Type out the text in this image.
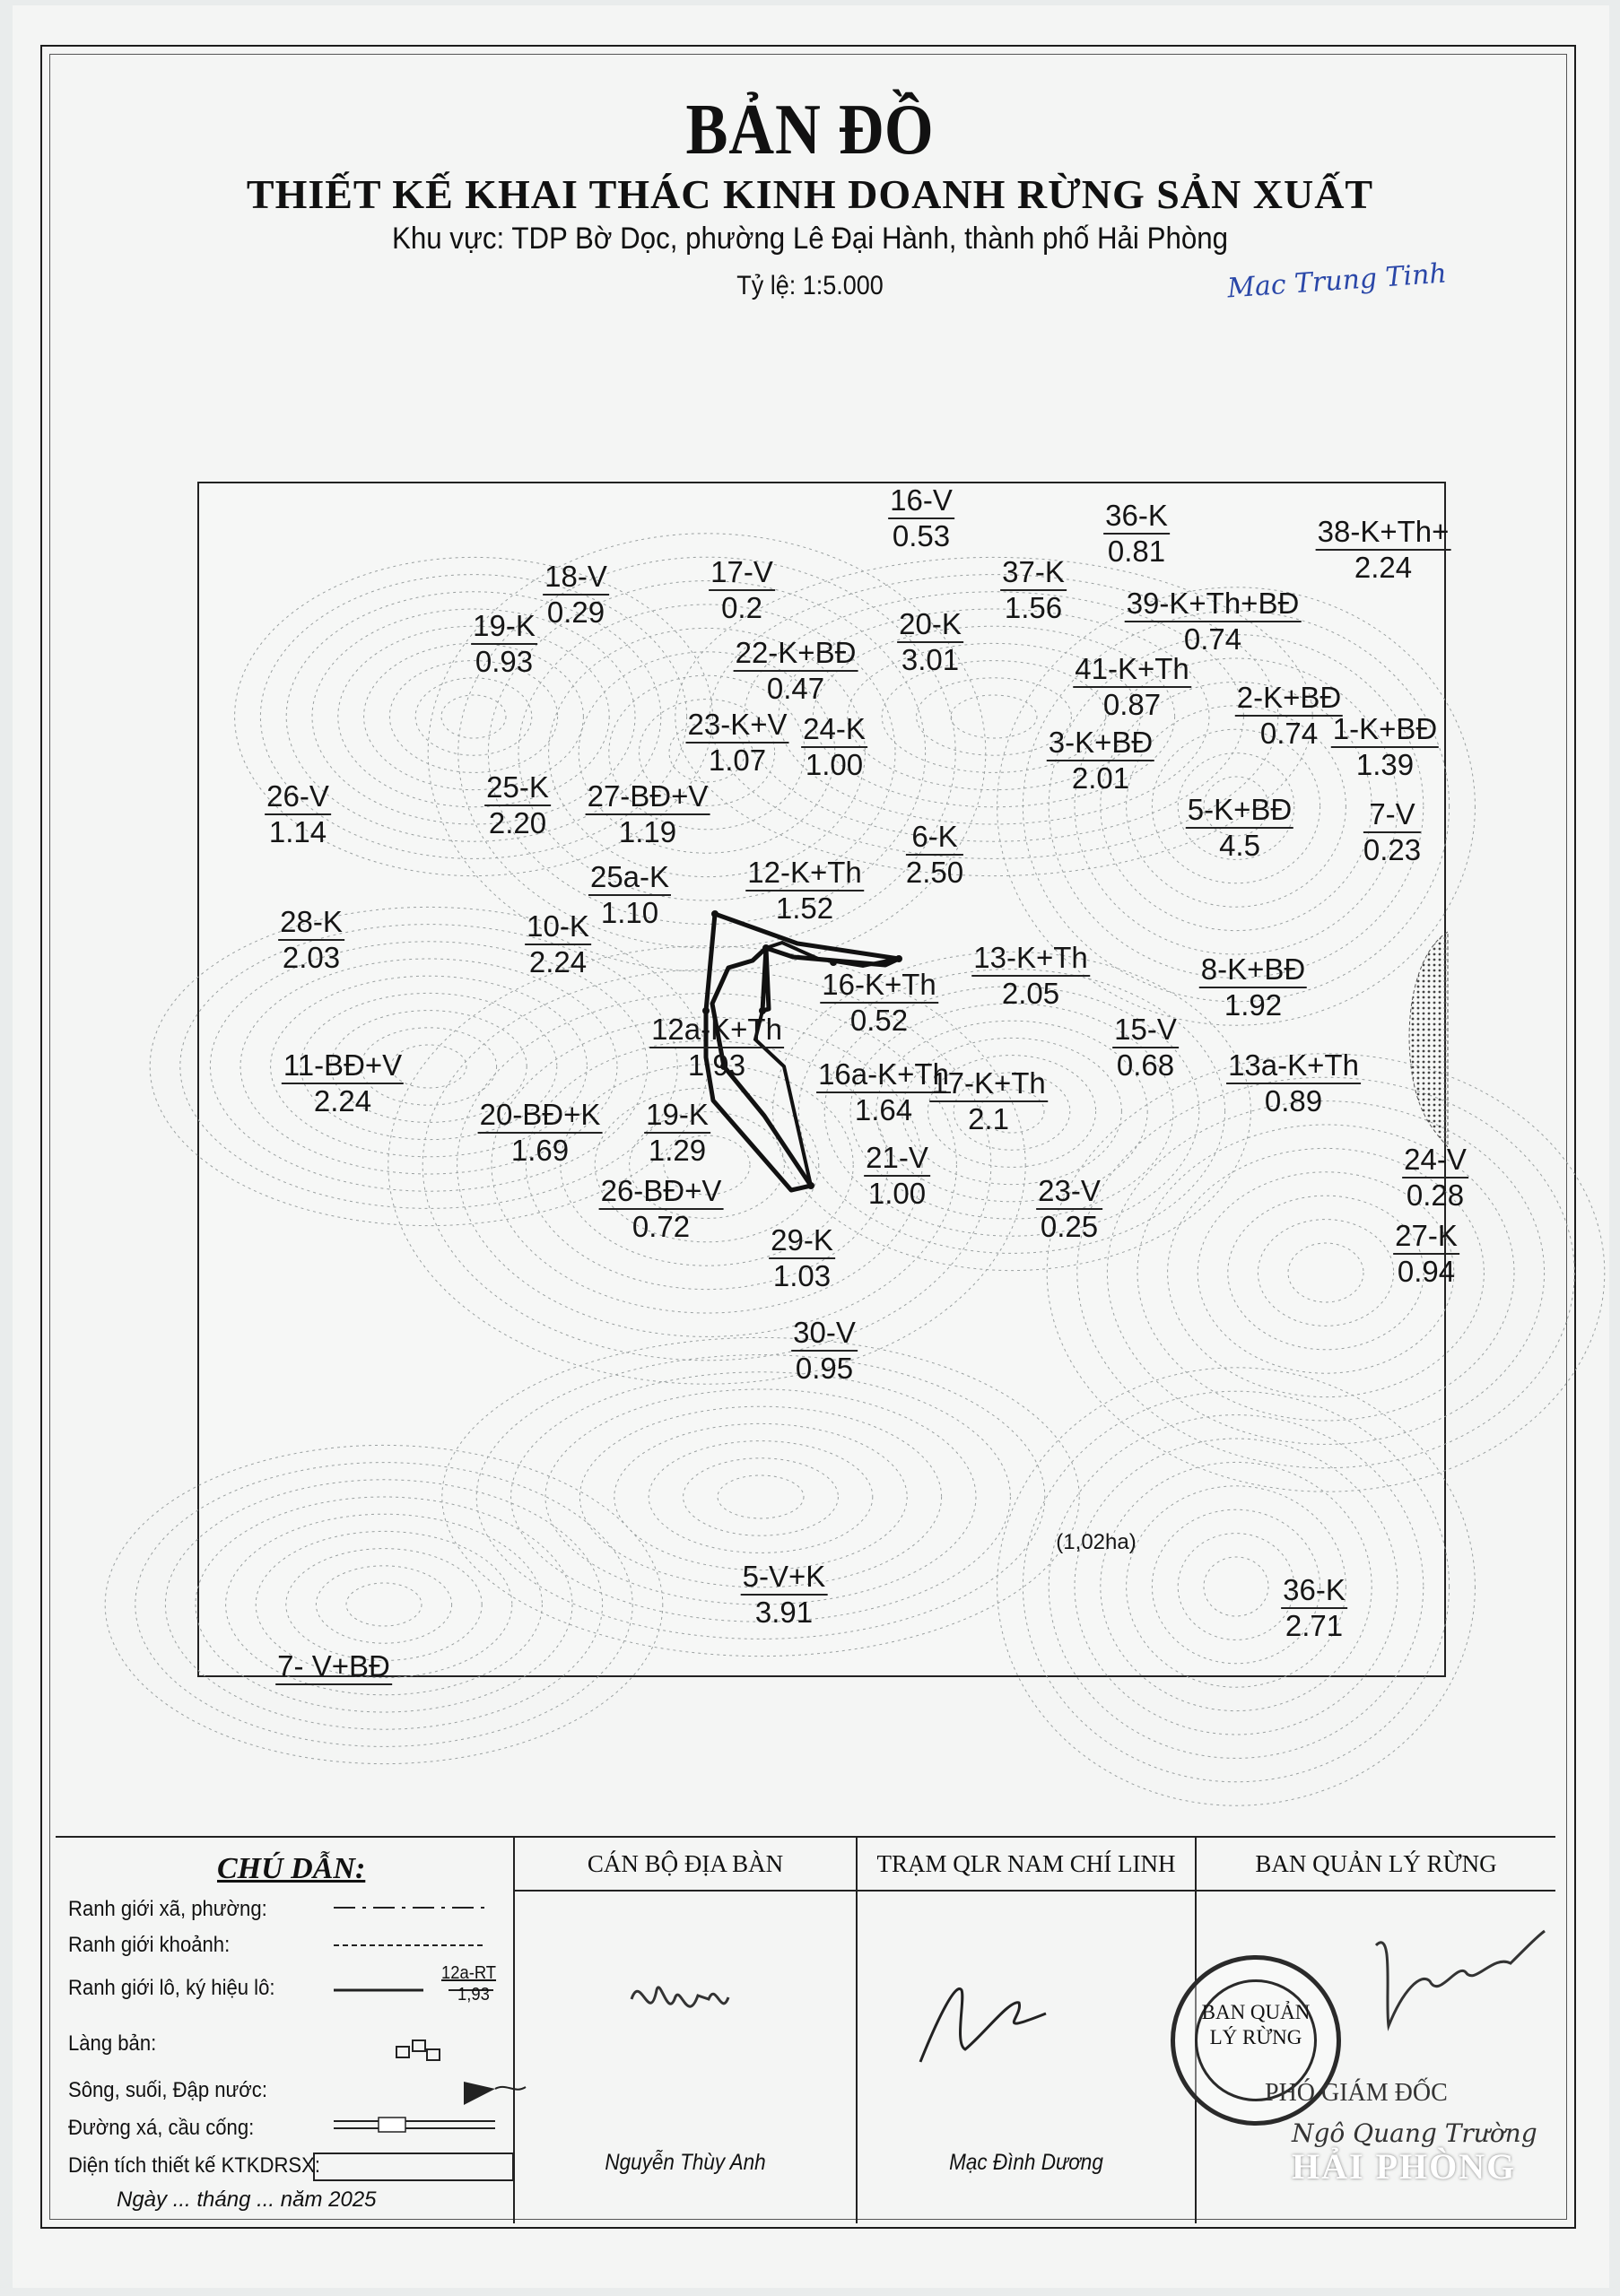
BẢN ĐỒ
THIẾT KẾ KHAI THÁC KINH DOANH RỪNG SẢN XUẤT
Khu vực: TDP Bờ Dọc, phường Lê Đại Hành, thành phố Hải Phòng
Tỷ lệ: 1:5.000	Mac Trung Tinh
16-V
0.53
36-K
0.81
38-K+Th+
2.24
18-V
0.29
17-V
0.2
37-K
1.56
19-K
0.93
20-K
3.01
39-K+Th+BĐ
0.74
22-K+BĐ
0.47
41-K+Th
0.87	2-K+BĐ
0.74
23-K+V
1.07
24-K
1.00
3-K+BĐ
2.01
1-K+BĐ
1.39
26-V
1.14
25-K
2.20
27-BĐ+V
1.19
5-K+BĐ
4.5
7-V
0.23
6-K
2.50
25a-K
1.10
12-K+Th
1.52
28-K
2.03
10-K
2.24	13-K+Th
2.05
8-K+BĐ
1.92
16-K+Th
0.52
12a-K+Th
1.93
15-V
0.68
11-BĐ+V
2.24
16a-K+Th
1.64
17-K+Th
2.1
13a-K+Th
0.89
20-BĐ+K
1.69
19-K
1.29	21-V
1.00
24-V
0.28
26-BĐ+V
0.72
23-V
0.25	27-K
0.94
29-K
1.03
30-V
0.95
5-V+K
3.91
36-K
2.71
7- V+BĐ
(1,02ha)
CHÚ DẪN:
Ranh giới xã, phường:
Ranh giới khoảnh:
Ranh giới lô, ký hiệu lô:
Làng bản:
Sông, suối, Đập nước:
Đường xá, cầu cống:
Diện tích thiết kế KTKDRSX:
12a-RT
1,93
Ngày ... tháng ... năm 2025
CÁN BỘ ĐỊA BÀN
Nguyễn Thùy Anh
TRẠM QLR NAM CHÍ LINH
Mạc Đình Dương
BAN QUẢN LÝ RỪNG
BAN QUẢN LÝ RỪNG
PHÓ GIÁM ĐỐC
Ngô Quang Trường
HẢI PHÒNG
